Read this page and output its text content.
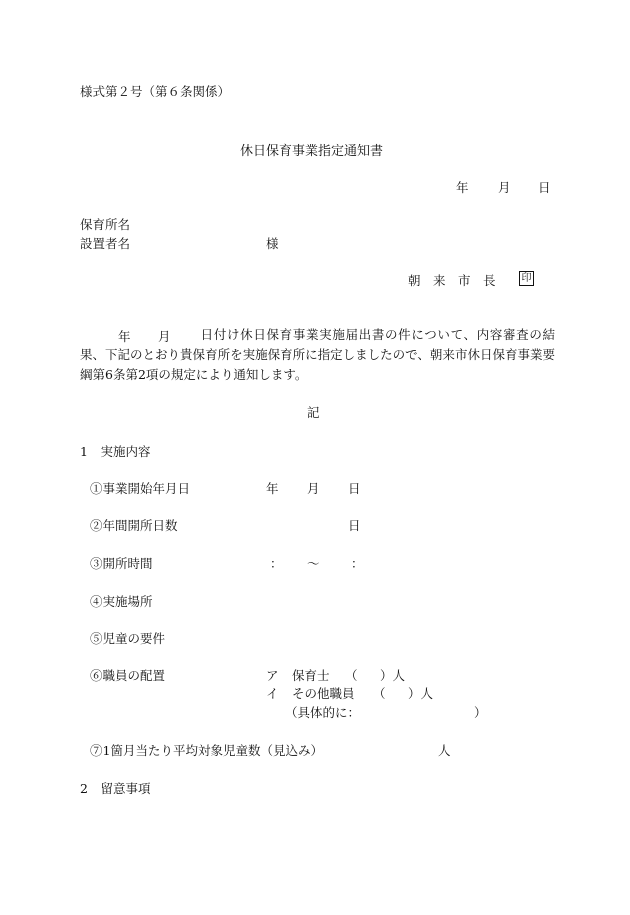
様式第２号（第６条関係）
休日保育事業指定通知書
年 月 日
保育所名
設置者名	様
朝　来　市　長	印
年 月	日付け休日保育事業実施届出書の件について、内容審査の結果、下記のとおり貴保育所を実施保育所に指定しましたので、朝来市休日保育事業要綱第6条第2項の規定により通知します。
記
1　実施内容
①事業開始年月日	年 月 日
②年間開所日数	日
③開所時間	： ～	：
④実施場所
⑤児童の要件
⑥職員の配置	ア 保育士 （ ）人
イ その他職員 （ ）人
（具体的に：	）
⑦1箇月当たり平均対象児童数（見込み）	人
2　留意事項
